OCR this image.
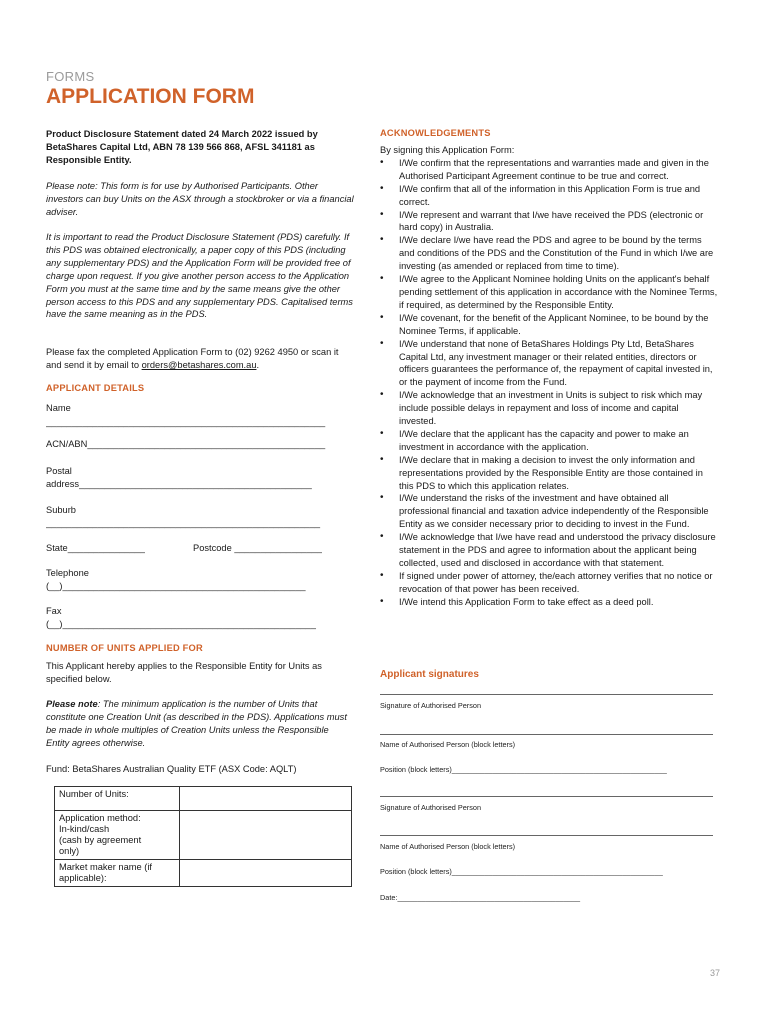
FORMS
APPLICATION FORM
Product Disclosure Statement dated 24 March 2022 issued by BetaShares Capital Ltd, ABN 78 139 566 868, AFSL 341181 as Responsible Entity.
Please note: This form is for use by Authorised Participants. Other investors can buy Units on the ASX through a stockbroker or via a financial adviser.
It is important to read the Product Disclosure Statement (PDS) carefully. If this PDS was obtained electronically, a paper copy of this PDS (including any supplementary PDS) and the Application Form will be provided free of charge upon request. If you give another person access to the Application Form you must at the same time and by the same means give the other person access to this PDS and any supplementary PDS. Capitalised terms have the same meaning as in the PDS.
Please fax the completed Application Form to (02) 9262 4950 or scan it and send it by email to orders@betashares.com.au.
APPLICANT DETAILS
Name
______________________________________________________
ACN/ABN______________________________________________
Postal
address_____________________________________________
Suburb
_____________________________________________________
State_______________	Postcode _________________
Telephone
(__)_______________________________________________
Fax
(__)_________________________________________________
NUMBER OF UNITS APPLIED FOR
This Applicant hereby applies to the Responsible Entity for Units as specified below.
Please note: The minimum application is the number of Units that constitute one Creation Unit (as described in the PDS). Applications must be made in whole multiples of Creation Units unless the Responsible Entity agrees otherwise.
Fund: BetaShares Australian Quality ETF (ASX Code: AQLT)
Number of Units:	

Application method:
In-kind/cash
(cash by agreement
only)	

Market maker name (if
applicable):	

ACKNOWLEDGEMENTS
By signing this Application Form:
• I/We confirm that the representations and warranties made and given in the Authorised Participant Agreement continue to be true and correct.
• I/We confirm that all of the information in this Application Form is true and correct.
• I/We represent and warrant that I/we have received the PDS (electronic or hard copy) in Australia.
• I/We declare I/we have read the PDS and agree to be bound by the terms and conditions of the PDS and the Constitution of the Fund in which I/we are investing (as amended or replaced from time to time).
• I/We agree to the Applicant Nominee holding Units on the applicant's behalf pending settlement of this application in accordance with the Nominee Terms, if required, as determined by the Responsible Entity.
• I/We covenant, for the benefit of the Applicant Nominee, to be bound by the Nominee Terms, if applicable.
• I/We understand that none of BetaShares Holdings Pty Ltd, BetaShares Capital Ltd, any investment manager or their related entities, directors or officers guarantees the performance of, the repayment of capital invested in, or the payment of income from the Fund.
• I/We acknowledge that an investment in Units is subject to risk which may include possible delays in repayment and loss of income and capital invested.
• I/We declare that the applicant has the capacity and power to make an investment in accordance with the application.
• I/We declare that in making a decision to invest the only information and representations provided by the Responsible Entity are those contained in this PDS to which this application relates.
• I/We understand the risks of the investment and have obtained all professional financial and taxation advice independently of the Responsible Entity as we consider necessary prior to deciding to invest in the Fund.
• I/We acknowledge that I/we have read and understood the privacy disclosure statement in the PDS and agree to information about the applicant being collected, used and disclosed in accordance with that statement.
• If signed under power of attorney, the/each attorney verifies that no notice or revocation of that power has been received.
• I/We intend this Application Form to take effect as a deed poll.
Applicant signatures
Signature of Authorised Person
Name of Authorised Person (block letters)
Position (block letters)_____________________________________________________
Signature of Authorised Person
Name of Authorised Person (block letters)
Position (block letters)____________________________________________________
Date:_____________________________________________
37
